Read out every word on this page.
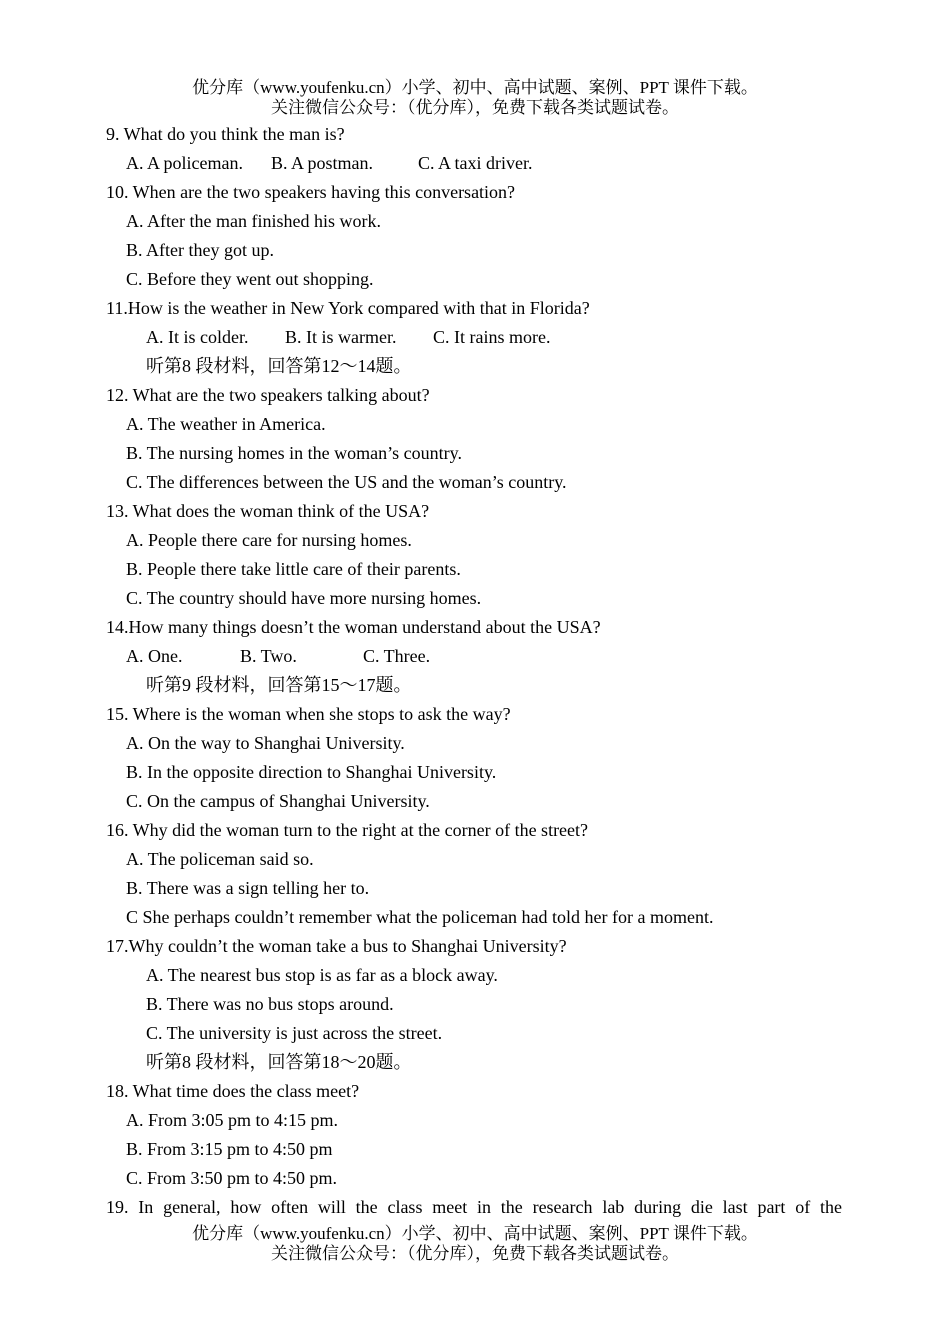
优分库（www.youfenku.cn）小学、初中、高中试题、案例、PPT 课件下载。
关注微信公众号：（优分库），免费下载各类试题试卷。
9. What do you think the man is?
A. A policeman. B. A postman. C. A taxi driver.
10. When are the two speakers having this conversation?
A. After the man finished his work.
B. After they got up.
C. Before they went out shopping.
11.How is the weather in New York compared with that in Florida?
A. It is colder. B. It is warmer. C. It rains more.
听第8 段材料，回答第12～14题。
12. What are the two speakers talking about?
A. The weather in America.
B. The nursing homes in the woman’s country.
C. The differences between the US and the woman’s country.
13. What does the woman think of the USA?
A. People there care for nursing homes.
B. People there take little care of their parents.
C. The country should have more nursing homes.
14.How many things doesn’t the woman understand about the USA?
A. One.	B. Two.	C. Three.
听第9 段材料，回答第15～17题。
15. Where is the woman when she stops to ask the way?
A. On the way to Shanghai University.
B. In the opposite direction to Shanghai University.
C. On the campus of Shanghai University.
16. Why did the woman turn to the right at the corner of the street?
A. The policeman said so.
B. There was a sign telling her to.
C She perhaps couldn’t remember what the policeman had told her for a moment.
17.Why couldn’t the woman take a bus to Shanghai University?
A. The nearest bus stop is as far as a block away.
B. There was no bus stops around.
C. The university is just across the street.
听第8 段材料，回答第18～20题。
18. What time does the class meet?
A. From 3:05 pm to 4:15 pm.
B. From 3:15 pm to 4:50 pm
C. From 3:50 pm to 4:50 pm.
19. In general, how often will the class meet in the research lab during die last part of the
优分库（www.youfenku.cn）小学、初中、高中试题、案例、PPT 课件下载。
关注微信公众号：（优分库），免费下载各类试题试卷。
